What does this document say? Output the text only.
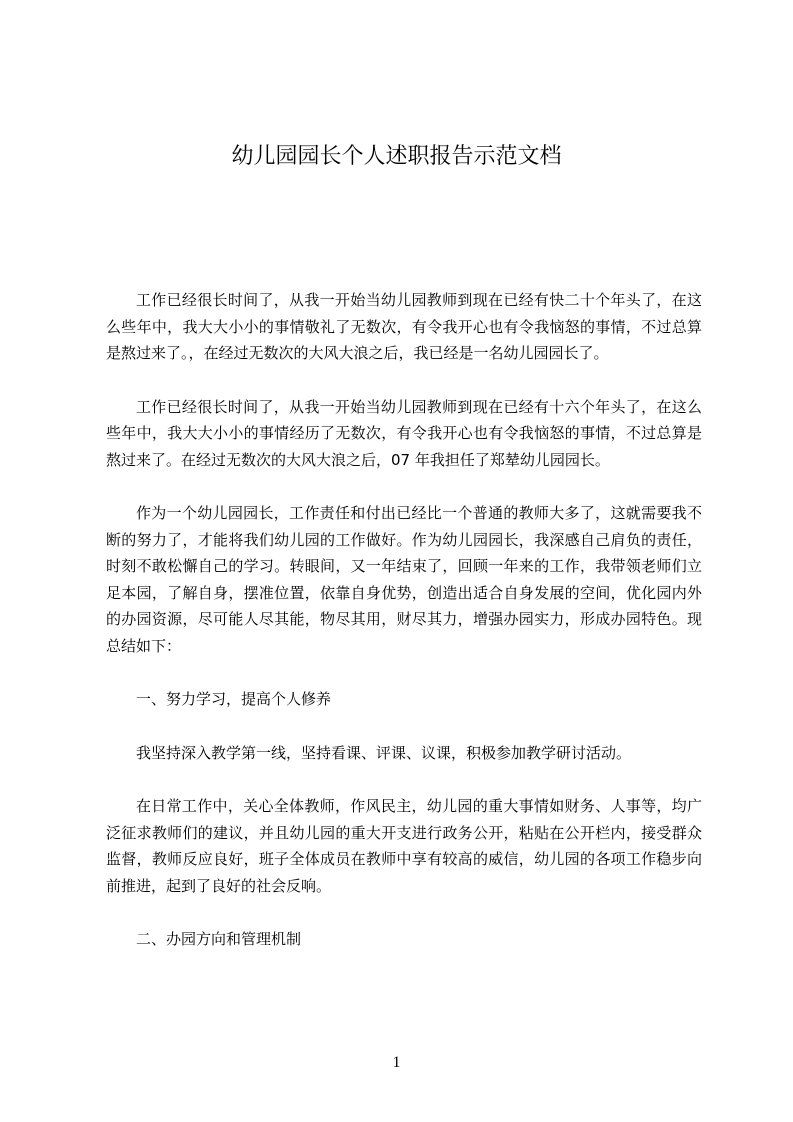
幼儿园园长个人述职报告示范文档

工作已经很长时间了，从我一开始当幼儿园教师到现在已经有快二十个年头了，在这么些年中，我大大小小的事情敬礼了无数次，有令我开心也有令我恼怒的事情，不过总算是熬过来了。，在经过无数次的大风大浪之后，我已经是一名幼儿园园长了。

工作已经很长时间了，从我一开始当幼儿园教师到现在已经有十六个年头了，在这么些年中，我大大小小的事情经历了无数次，有令我开心也有令我恼怒的事情，不过总算是熬过来了。在经过无数次的大风大浪之后，07 年我担任了郑辇幼儿园园长。

作为一个幼儿园园长，工作责任和付出已经比一个普通的教师大多了，这就需要我不断的努力了，才能将我们幼儿园的工作做好。作为幼儿园园长，我深感自己肩负的责任，时刻不敢松懈自己的学习。转眼间，又一年结束了，回顾一年来的工作，我带领老师们立足本园，了解自身，摆准位置，依靠自身优势，创造出适合自身发展的空间，优化园内外的办园资源，尽可能人尽其能，物尽其用，财尽其力，增强办园实力，形成办园特色。现总结如下：

一、努力学习，提高个人修养

我坚持深入教学第一线，坚持看课、评课、议课，积极参加教学研讨活动。

在日常工作中，关心全体教师，作风民主，幼儿园的重大事情如财务、人事等，均广泛征求教师们的建议，并且幼儿园的重大开支进行政务公开，粘贴在公开栏内，接受群众监督，教师反应良好，班子全体成员在教师中享有较高的威信，幼儿园的各项工作稳步向前推进，起到了良好的社会反响。

二、办园方向和管理机制

1
